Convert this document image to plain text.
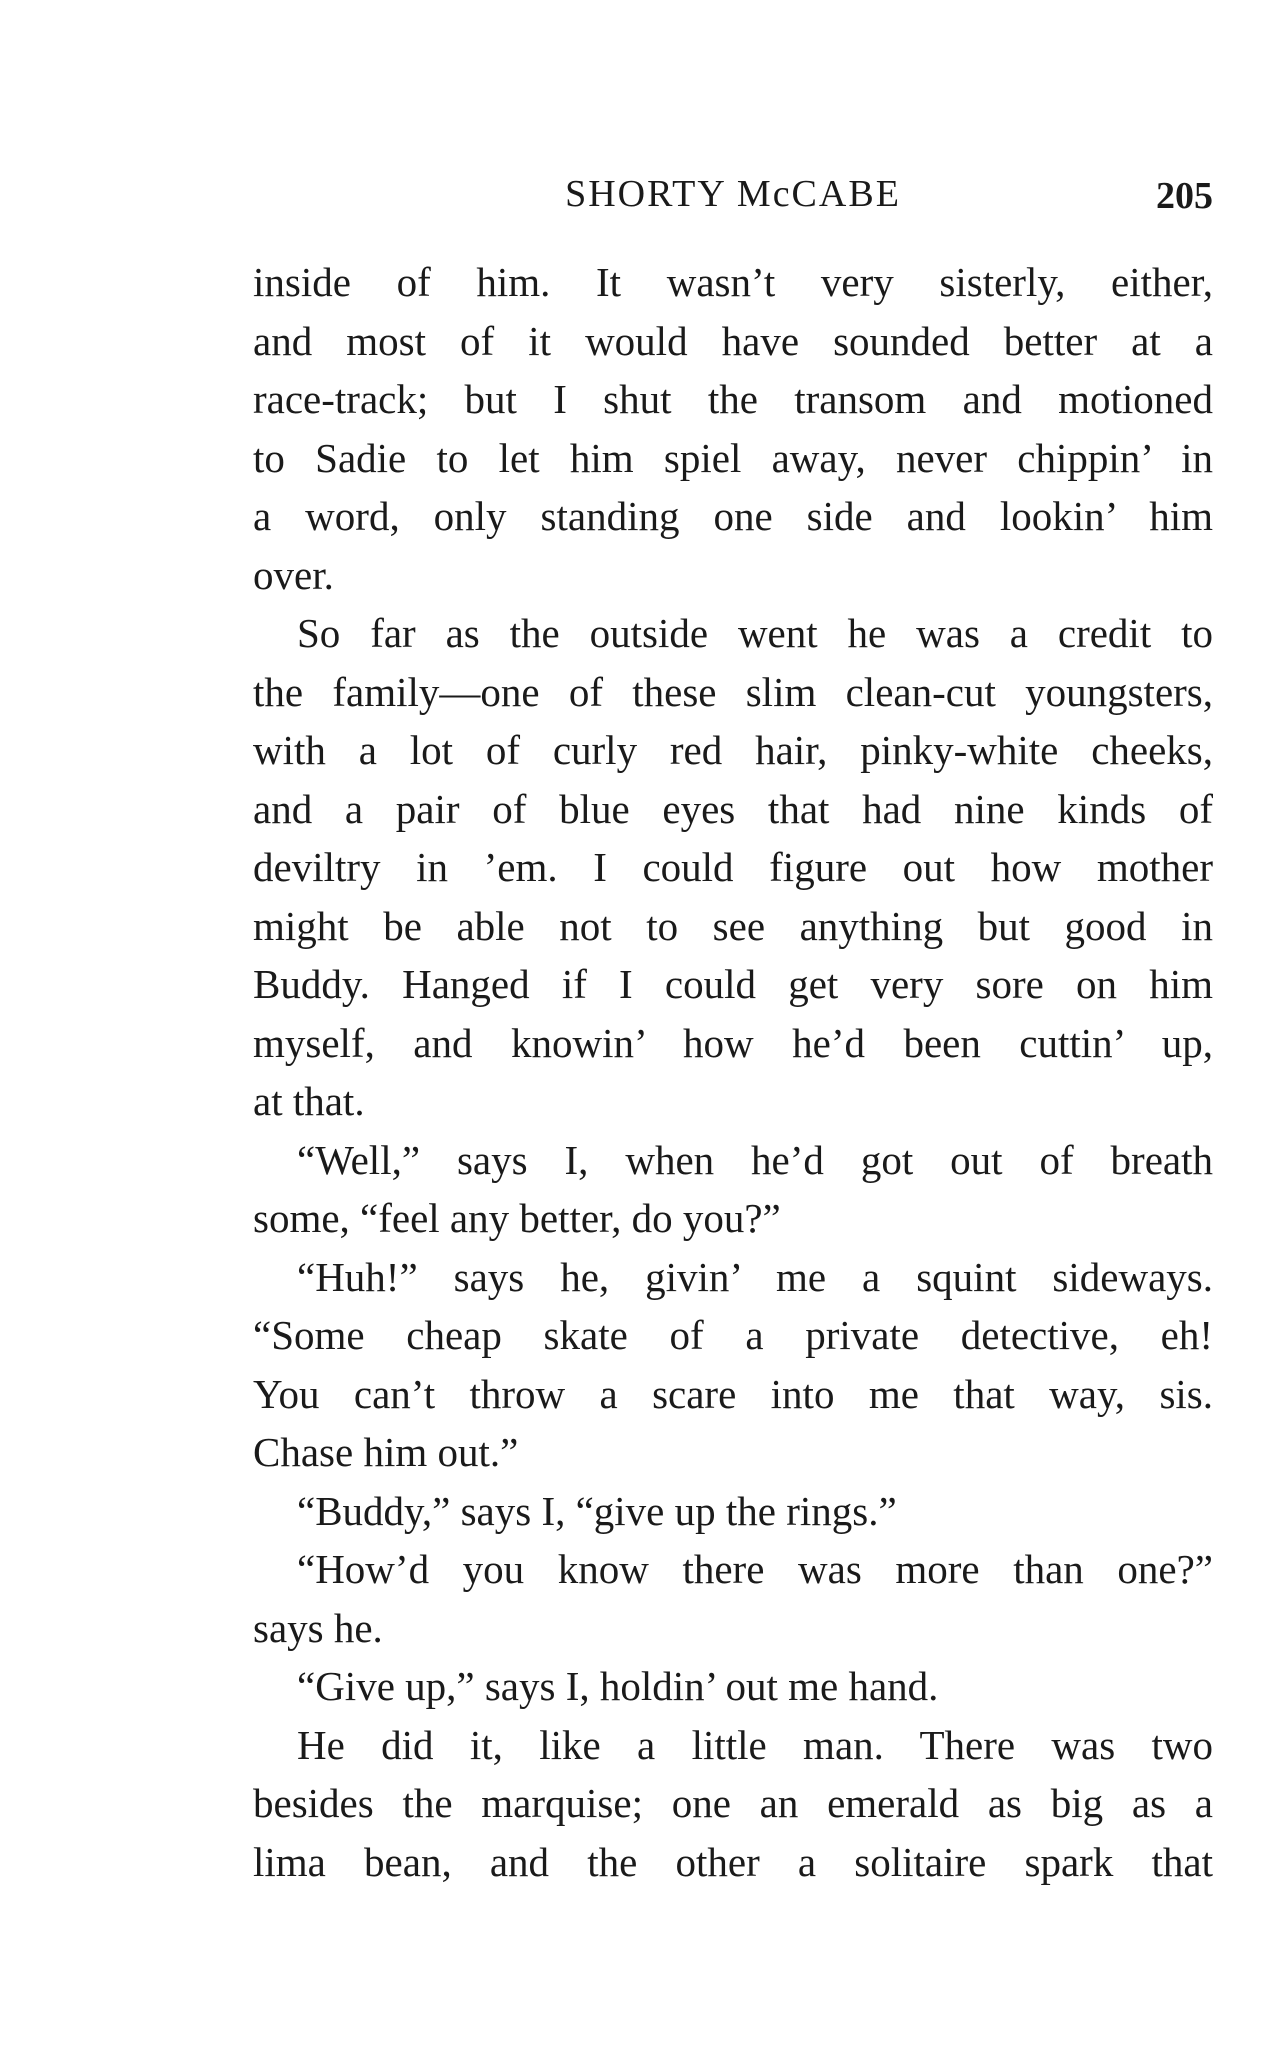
SHORTY McCABE	205
inside of him. It wasn’t very sisterly, either,
and most of it would have sounded better at a
race-track; but I shut the transom and motioned
to Sadie to let him spiel away, never chippin’ in
a word, only standing one side and lookin’ him
over.
So far as the outside went he was a credit to
the family—one of these slim clean-cut youngsters,
with a lot of curly red hair, pinky-white cheeks,
and a pair of blue eyes that had nine kinds of
deviltry in ’em. I could figure out how mother
might be able not to see anything but good in
Buddy. Hanged if I could get very sore on him
myself, and knowin’ how he’d been cuttin’ up,
at that.
“Well,” says I, when he’d got out of breath
some, “feel any better, do you?”
“Huh!” says he, givin’ me a squint sideways.
“Some cheap skate of a private detective, eh!
You can’t throw a scare into me that way, sis.
Chase him out.”
“Buddy,” says I, “give up the rings.”
“How’d you know there was more than one?”
says he.
“Give up,” says I, holdin’ out me hand.
He did it, like a little man. There was two
besides the marquise; one an emerald as big as a
lima bean, and the other a solitaire spark that
